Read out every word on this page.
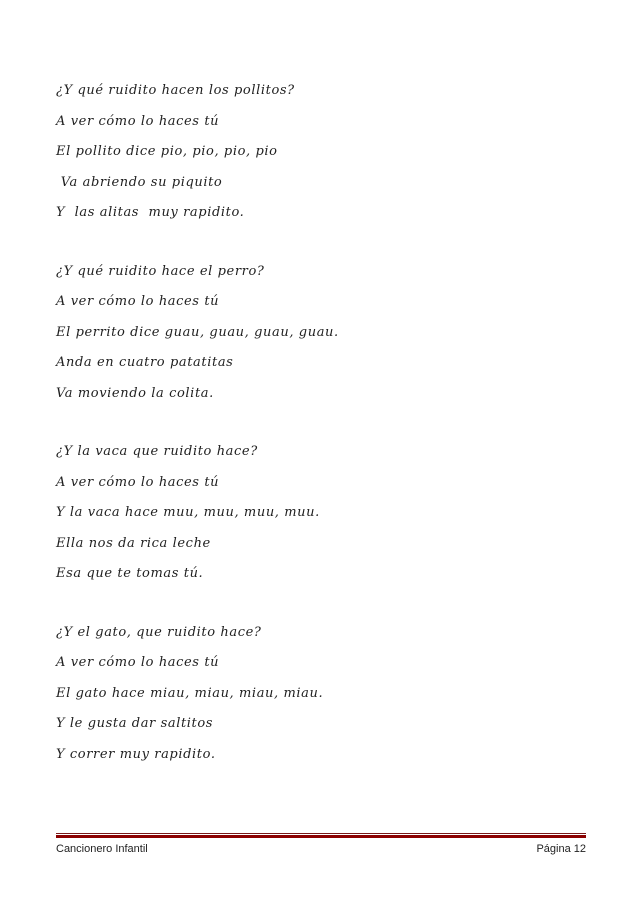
¿Y qué ruidito hacen los pollitos?
A ver cómo lo haces tú
El pollito dice pio, pio, pio, pio
Va abriendo su piquito
Y  las alitas  muy rapidito.
¿Y qué ruidito hace el perro?
A ver cómo lo haces tú
El perrito dice guau, guau, guau, guau.
Anda en cuatro patatitas
Va moviendo la colita.
¿Y la vaca que ruidito hace?
A ver cómo lo haces tú
Y la vaca hace muu, muu, muu, muu.
Ella nos da rica leche
Esa que te tomas tú.
¿Y el gato, que ruidito hace?
A ver cómo lo haces tú
El gato hace miau, miau, miau, miau.
Y le gusta dar saltitos
Y correr muy rapidito.
Cancionero Infantil	Página 12
